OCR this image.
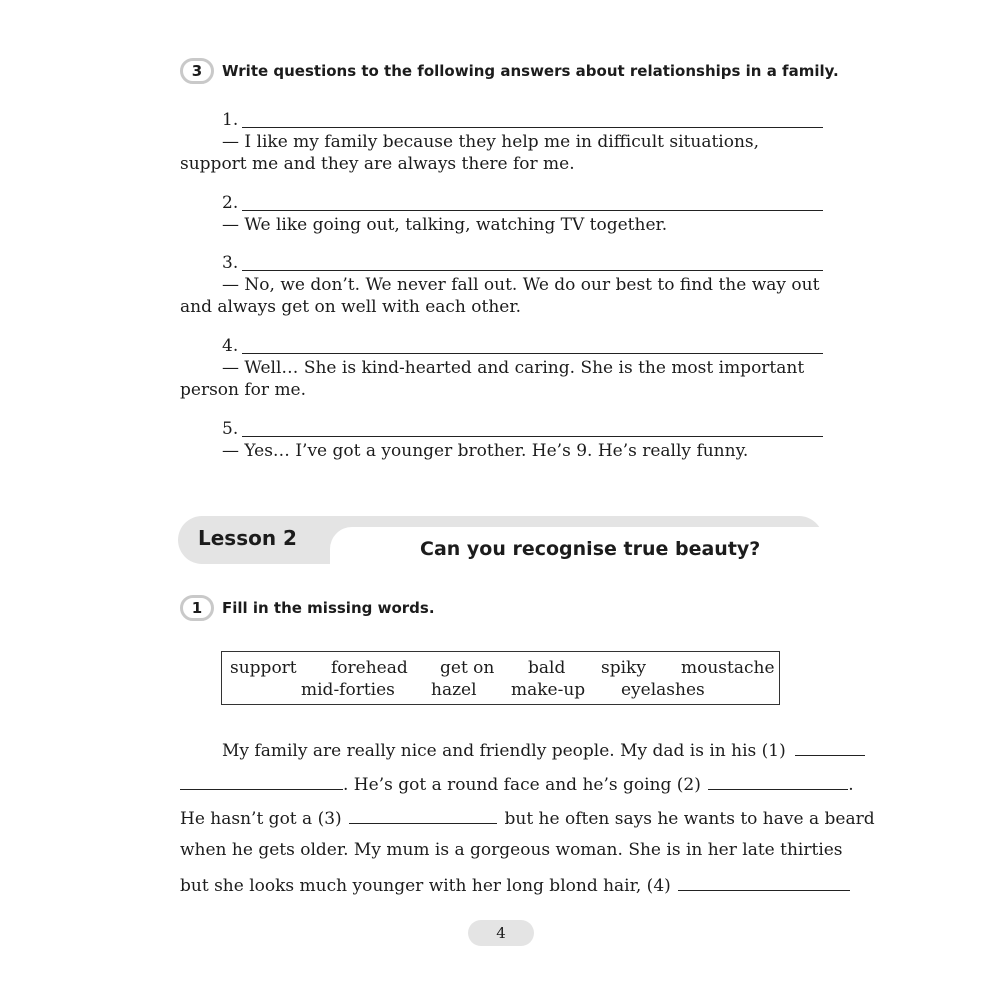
3	Write questions to the following answers about relationships in a family.
1.

— I like my family because they help me in difficult situations, support me and they are always there for me.

2.

— We like going out, talking, watching TV together.

3.

— No, we don’t. We never fall out. We do our best to find the way out and always get on well with each other.

4.

— Well… She is kind-hearted and caring. She is the most important person for me.

5.

— Yes… I’ve got a younger brother. He’s 9. He’s really funny.

Lesson 2	Can you recognise true beauty?
1	Fill in the missing words.
support forehead get on bald spiky moustache
mid-forties hazel make-up eyelashes
My family are really nice and friendly people. My dad is in his (1)
. He’s got a round face and he’s going (2)	.
He hasn’t got a (3)	but he often says he wants to have a beard
when he gets older. My mum is a gorgeous woman. She is in her late thirties
but she looks much younger with her long blond hair, (4)
4
